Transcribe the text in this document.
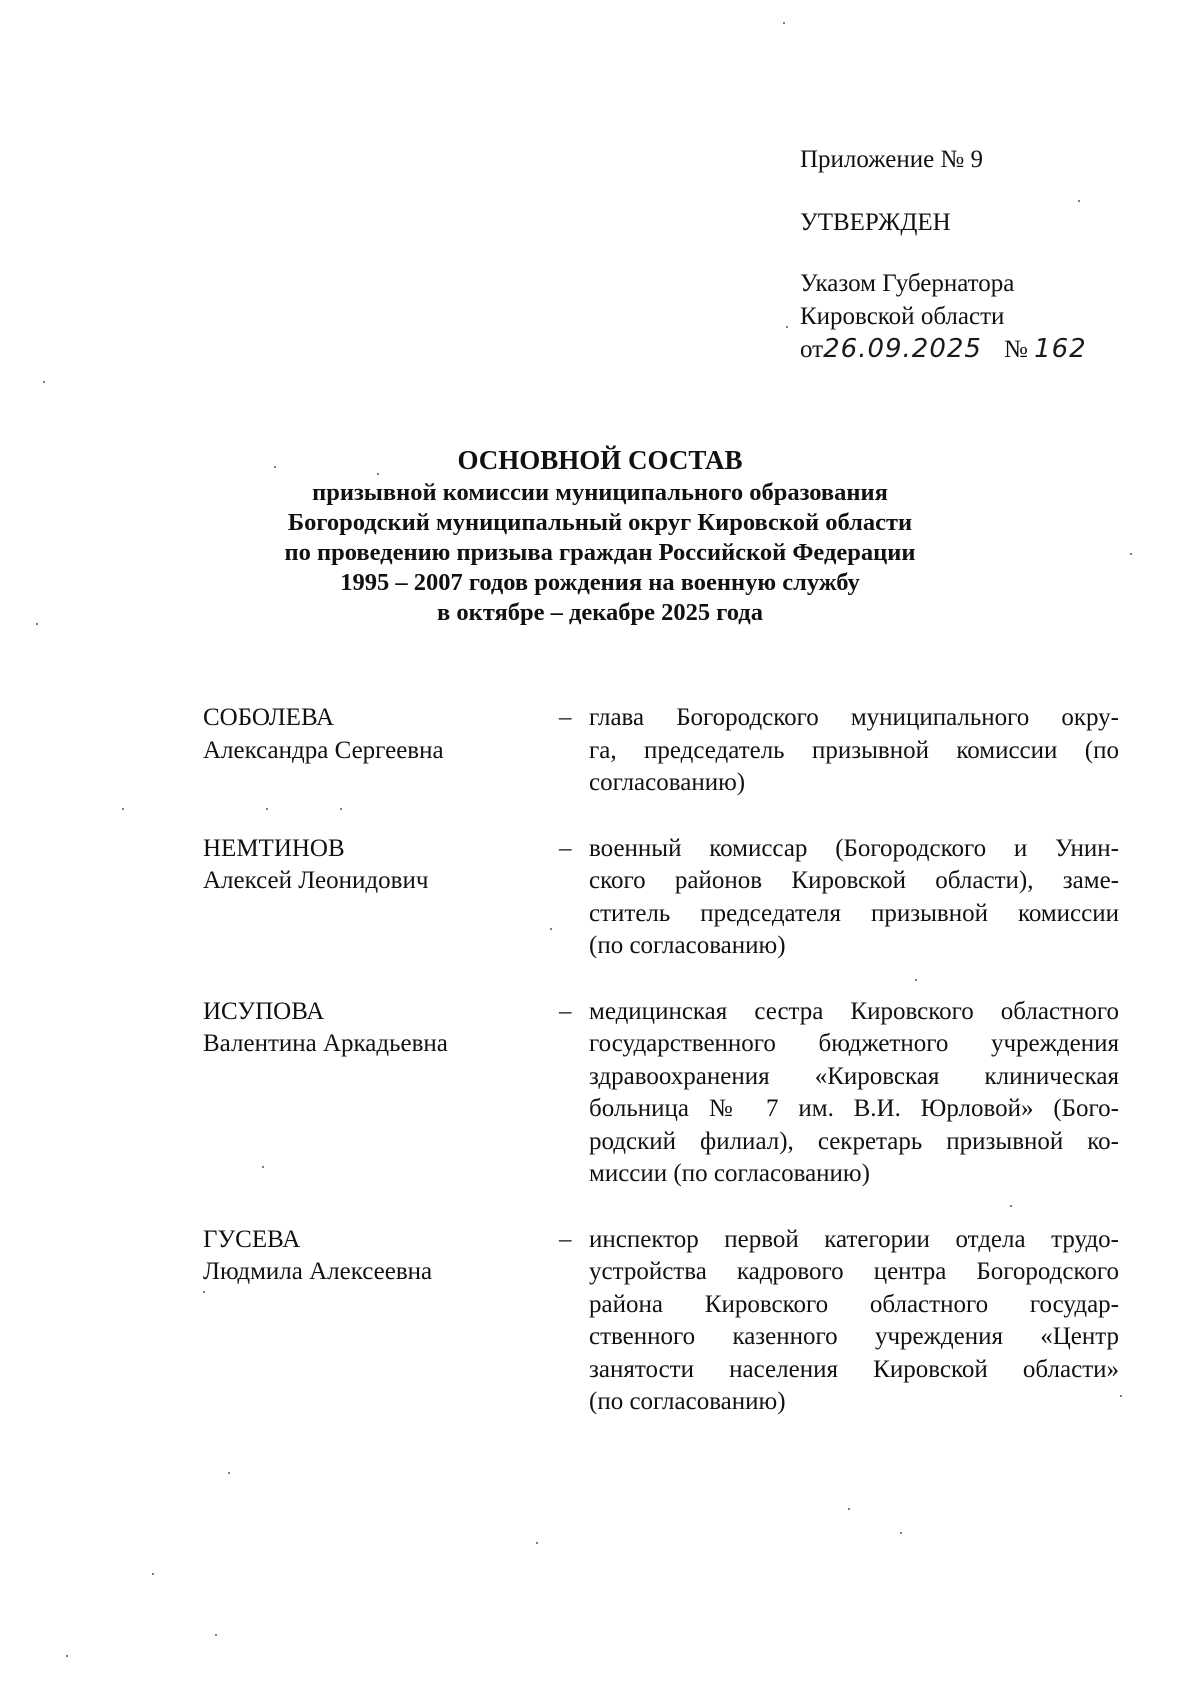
Приложение № 9
УТВЕРЖДЕН
Указом Губернатора
Кировской области
от26.09.2025 № 162
ОСНОВНОЙ СОСТАВ
призывной комиссии муниципального образования
Богородский муниципальный округ Кировской области
по проведению призыва граждан Российской Федерации
1995 – 2007 годов рождения на военную службу
в октябре – декабре 2025 года
СОБОЛЕВА
Александра Сергеевна
– глава Богородского муниципального окру-
га, председатель призывной комиссии (по
согласованию)
НЕМТИНОВ
Алексей Леонидович
– военный комиссар (Богородского и Унин-
ского районов Кировской области), заме-
ститель председателя призывной комиссии
(по согласованию)
ИСУПОВА
Валентина Аркадьевна
– медицинская сестра Кировского областного
государственного бюджетного учреждения
здравоохранения «Кировская клиническая
больница № 7 им. В.И. Юрловой» (Бого-
родский филиал), секретарь призывной ко-
миссии (по согласованию)
ГУСЕВА
Людмила Алексеевна
– инспектор первой категории отдела трудо-
устройства кадрового центра Богородского
района Кировского областного государ-
ственного казенного учреждения «Центр
занятости населения Кировской области»
(по согласованию)
